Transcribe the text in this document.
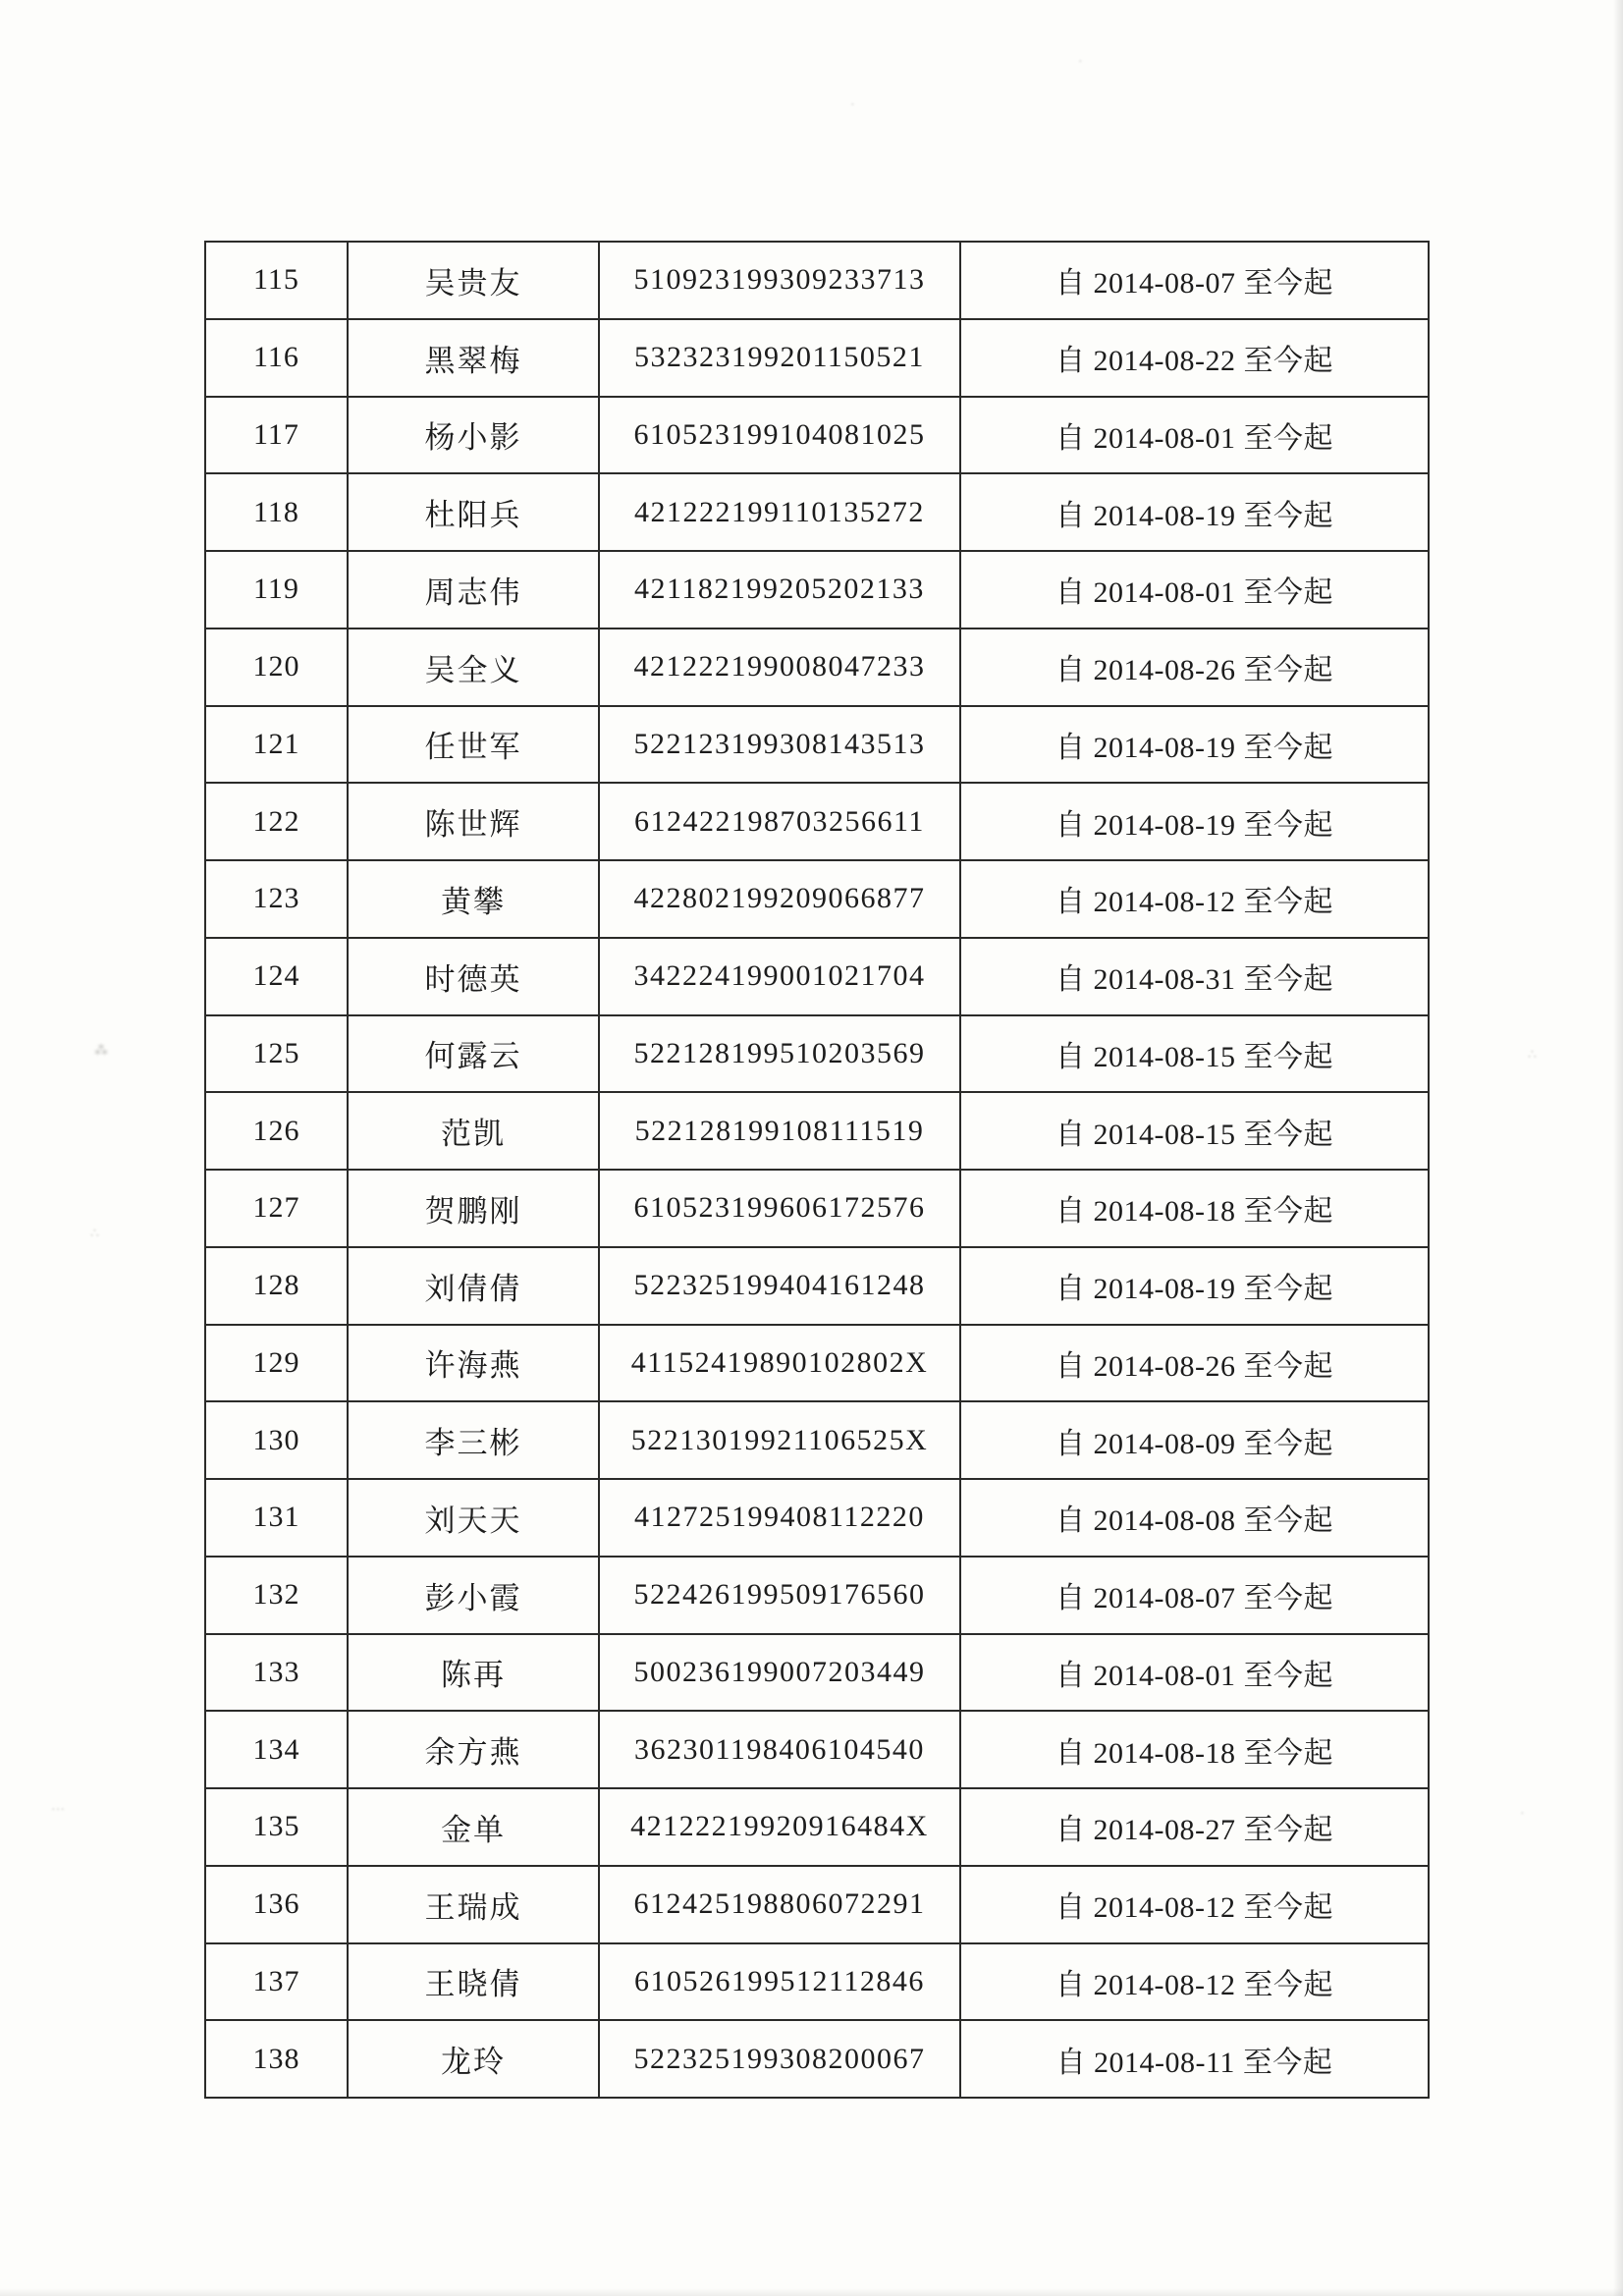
·
·
⁂
∴
∴
…
·
115	吴贵友	510923199309233713	自 2014-08-07 至今起
116	黑翠梅	532323199201150521	自 2014-08-22 至今起
117	杨小影	610523199104081025	自 2014-08-01 至今起
118	杜阳兵	421222199110135272	自 2014-08-19 至今起
119	周志伟	421182199205202133	自 2014-08-01 至今起
120	吴全义	421222199008047233	自 2014-08-26 至今起
121	任世军	522123199308143513	自 2014-08-19 至今起
122	陈世辉	612422198703256611	自 2014-08-19 至今起
123	黄攀	422802199209066877	自 2014-08-12 至今起
124	时德英	342224199001021704	自 2014-08-31 至今起
125	何露云	522128199510203569	自 2014-08-15 至今起
126	范凯	522128199108111519	自 2014-08-15 至今起
127	贺鹏刚	610523199606172576	自 2014-08-18 至今起
128	刘倩倩	522325199404161248	自 2014-08-19 至今起
129	许海燕	41152419890102802X	自 2014-08-26 至今起
130	李三彬	52213019921106525X	自 2014-08-09 至今起
131	刘天天	412725199408112220	自 2014-08-08 至今起
132	彭小霞	522426199509176560	自 2014-08-07 至今起
133	陈再	500236199007203449	自 2014-08-01 至今起
134	余方燕	362301198406104540	自 2014-08-18 至今起
135	金单	42122219920916484X	自 2014-08-27 至今起
136	王瑞成	612425198806072291	自 2014-08-12 至今起
137	王晓倩	610526199512112846	自 2014-08-12 至今起
138	龙玲	522325199308200067	自 2014-08-11 至今起
